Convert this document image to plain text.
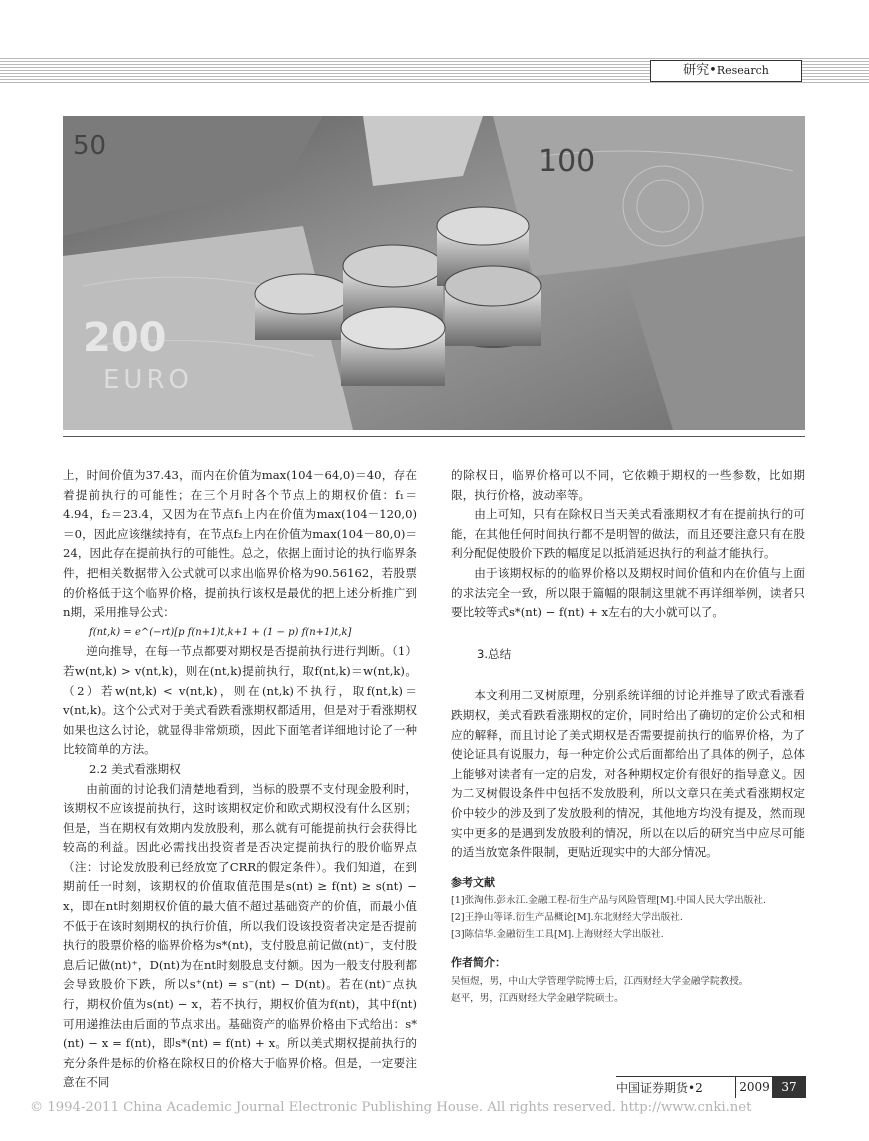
研究•Research
200
EURO
100
50

上，时间价值为37.43，而内在价值为max(104－64,0)＝40，存在着提前执行的可能性；在三个月时各个节点上的期权价值：f₁＝4.94，f₂＝23.4，又因为在节点f₁上内在价值为max(104－120,0)＝0，因此应该继续持有，在节点f₂上内在价值为max(104－80,0)＝24，因此存在提前执行的可能性。总之，依据上面讨论的执行临界条件，把相关数据带入公式就可以求出临界价格为90.56162，若股票的价格低于这个临界价格，提前执行该权是最优的把上述分析推广到n期，采用推导公式：

f(nt,k) = e^(−rt)[p f(n+1)t,k+1 + (1 − p) f(n+1)t,k]

逆向推导，在每一节点都要对期权是否提前执行进行判断。（1）若w(nt,k) > v(nt,k)，则在(nt,k)提前执行，取f(nt,k)＝w(nt,k)。（2）若w(nt,k) < v(nt,k)，则在(nt,k)不执行，取f(nt,k)＝v(nt,k)。这个公式对于美式看跌看涨期权都适用，但是对于看涨期权如果也这么讨论，就显得非常烦琐，因此下面笔者详细地讨论了一种比较简单的方法。

2.2 美式看涨期权

由前面的讨论我们清楚地看到，当标的股票不支付现金股利时，该期权不应该提前执行，这时该期权定价和欧式期权没有什么区别；但是，当在期权有效期内发放股利，那么就有可能提前执行会获得比较高的利益。因此必需找出投资者是否决定提前执行的股价临界点（注：讨论发放股利已经放宽了CRR的假定条件）。我们知道，在到期前任一时刻，该期权的价值取值范围是s(nt) ≥ f(nt) ≥ s(nt) − x，即在nt时刻期权价值的最大值不超过基础资产的价值，而最小值不低于在该时刻期权的执行价值，所以我们设该投资者决定是否提前执行的股票价格的临界价格为s*(nt)，支付股息前记做(nt)⁻，支付股息后记做(nt)⁺，D(nt)为在nt时刻股息支付额。因为一般支付股利都会导致股价下跌，所以s⁺(nt) = s⁻(nt) − D(nt)。若在(nt)⁻点执行，期权价值为s(nt) − x，若不执行，期权价值为f(nt)，其中f(nt)可用递推法由后面的节点求出。基础资产的临界价格由下式给出：s*(nt) − x = f(nt)，即s*(nt) = f(nt) + x。所以美式期权提前执行的充分条件是标的价格在除权日的价格大于临界价格。但是，一定要注意在不同

的除权日，临界价格可以不同，它依赖于期权的一些参数，比如期限，执行价格，波动率等。

由上可知，只有在除权日当天美式看涨期权才有在提前执行的可能，在其他任何时间执行都不是明智的做法，而且还要注意只有在股利分配促使股价下跌的幅度足以抵消延迟执行的利益才能执行。

由于该期权标的的临界价格以及期权时间价值和内在价值与上面的求法完全一致，所以限于篇幅的限制这里就不再详细举例，读者只要比较等式s*(nt) − f(nt) + x左右的大小就可以了。

3.总结

本文利用二叉树原理，分别系统详细的讨论并推导了欧式看涨看跌期权，美式看跌看涨期权的定价，同时给出了确切的定价公式和相应的解释，而且讨论了美式期权是否需要提前执行的临界价格，为了使论证具有说服力，每一种定价公式后面都给出了具体的例子，总体上能够对读者有一定的启发，对各种期权定价有很好的指导意义。因为二叉树假设条件中包括不发放股利，所以文章只在美式看涨期权定价中较少的涉及到了发放股利的情况，其他地方均没有提及，然而现实中更多的是遇到发放股利的情况，所以在以后的研究当中应尽可能的适当放宽条件限制，更贴近现实中的大部分情况。

参考文献

[1]张淘伟.彭永江.金融工程-衍生产品与风险管理[M].中国人民大学出版社.
[2]王挣山等译.衍生产品概论[M].东北财经大学出版社.
[3]陈信华.金融衍生工具[M].上海财经大学出版社.

作者简介：

吴恒煜，男，中山大学管理学院博士后，江西财经大学金融学院教授。
赵平，男，江西财经大学金融学院硕士。
中国证券期货•2	2009 37
© 1994-2011 China Academic Journal Electronic Publishing House. All rights reserved. http://www.cnki.net
